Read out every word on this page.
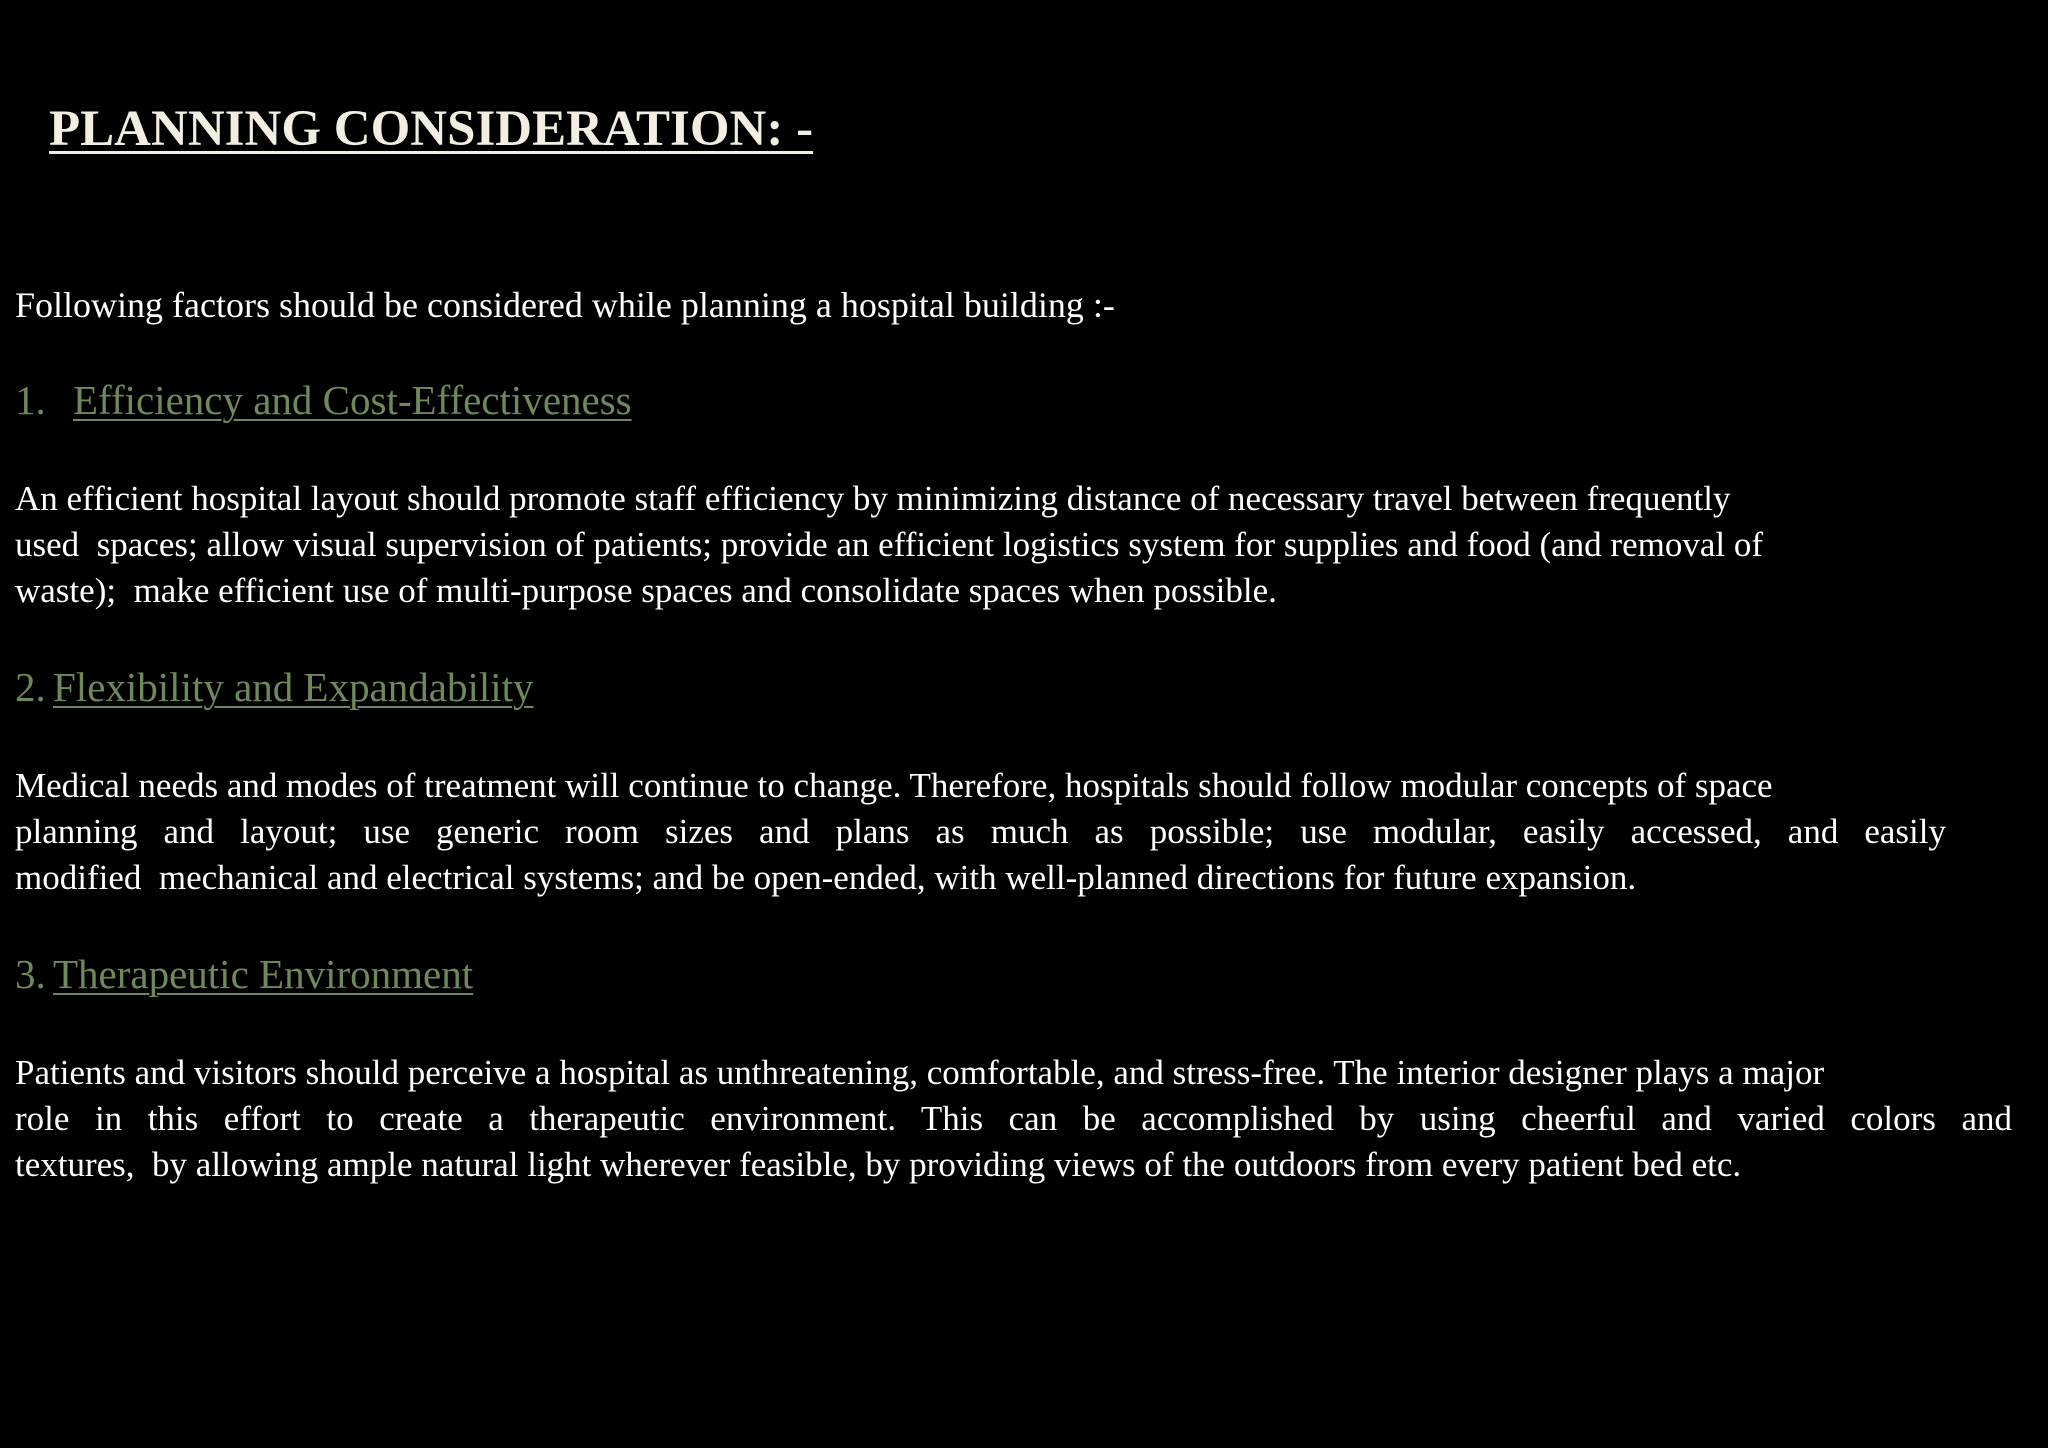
PLANNING CONSIDERATION: -

Following factors should be considered while planning a hospital building :-

1. Efficiency and Cost-Effectiveness

An efficient hospital layout should promote staff efficiency by minimizing distance of necessary travel between frequently
used  spaces; allow visual supervision of patients; provide an efficient logistics system for supplies and food (and removal of
waste);  make efficient use of multi-purpose spaces and consolidate spaces when possible.

2. Flexibility and Expandability

Medical needs and modes of treatment will continue to change. Therefore, hospitals should follow modular concepts of space
planning and layout; use generic room sizes and plans as much as possible; use modular, easily accessed, and easily
modified  mechanical and electrical systems; and be open-ended, with well-planned directions for future expansion.

3. Therapeutic Environment

Patients and visitors should perceive a hospital as unthreatening, comfortable, and stress-free. The interior designer plays a major
role in this effort to create a therapeutic environment. This can be accomplished by using cheerful and varied colors and
textures,  by allowing ample natural light wherever feasible, by providing views of the outdoors from every patient bed etc.
